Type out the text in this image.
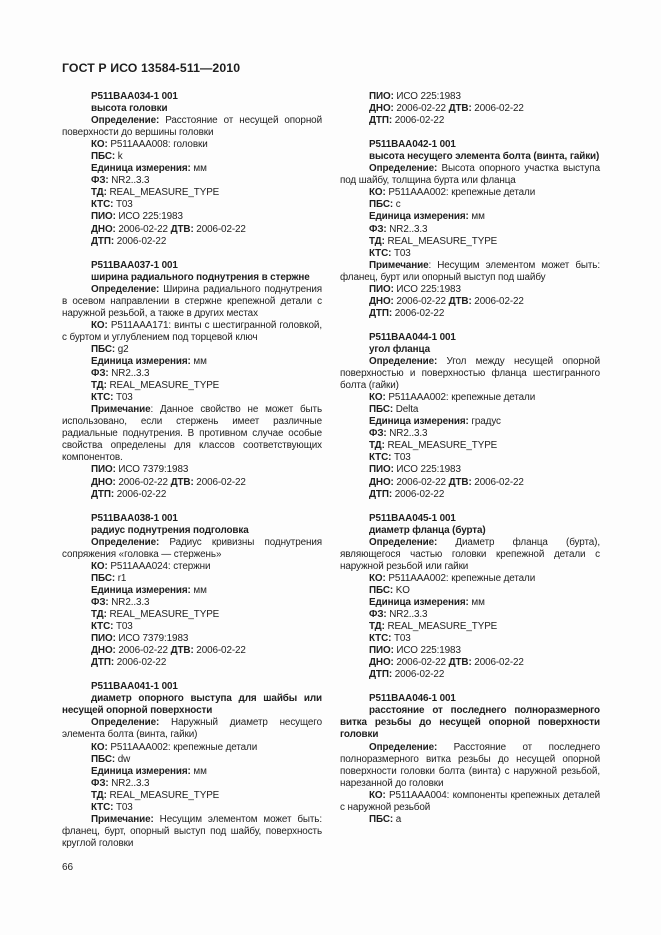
ГОСТ Р ИСО 13584-511—2010

P511BAA034-1 001

высота головки

Определение: Расстояние от несущей опорной поверхности до вершины головки

КО: P511AAA008: головки

ПБС: k

Единица измерения: мм

ФЗ: NR2..3.3

ТД: REAL_MEASURE_TYPE

КТС: T03

ПИО: ИСО 225:1983

ДНО: 2006-02-22 ДТВ: 2006-02-22

ДТП: 2006-02-22

P511BAA037-1 001

ширина радиального поднутрения в стержне

Определение: Ширина радиального поднутрения в осевом направлении в стержне крепежной детали с наружной резьбой, а также в других местах

КО: P511AAA171: винты с шестигранной головкой, с буртом и углублением под торцевой ключ

ПБС: g2

Единица измерения: мм

ФЗ: NR2..3.3

ТД: REAL_MEASURE_TYPE

КТС: T03

Примечание: Данное свойство не может быть использовано, если стержень имеет различные радиальные поднутрения. В противном случае особые свойства определены для классов соответствующих компонентов.

ПИО: ИСО 7379:1983

ДНО: 2006-02-22 ДТВ: 2006-02-22

ДТП: 2006-02-22

P511BAA038-1 001

радиус поднутрения подголовка

Определение: Радиус кривизны поднутрения сопряжения «головка — стержень»

КО: P511AAA024: стержни

ПБС: r1

Единица измерения: мм

ФЗ: NR2..3.3

ТД: REAL_MEASURE_TYPE

КТС: T03

ПИО: ИСО 7379:1983

ДНО: 2006-02-22 ДТВ: 2006-02-22

ДТП: 2006-02-22

P511BAA041-1 001

диаметр опорного выступа для шайбы или несущей опорной поверхности

Определение: Наружный диаметр несущего элемента болта (винта, гайки)

КО: P511AAA002: крепежные детали

ПБС: dw

Единица измерения: мм

ФЗ: NR2..3.3

ТД: REAL_MEASURE_TYPE

КТС: T03

Примечание: Несущим элементом может быть: фланец, бурт, опорный выступ под шайбу, поверхность круглой головки

66

ПИО: ИСО 225:1983

ДНО: 2006-02-22 ДТВ: 2006-02-22

ДТП: 2006-02-22

P511BAA042-1 001

высота несущего элемента болта (винта, гайки)

Определение: Высота опорного участка выступа под шайбу, толщина бурта или фланца

КО: P511AAA002: крепежные детали

ПБС: c

Единица измерения: мм

ФЗ: NR2..3.3

ТД: REAL_MEASURE_TYPE

КТС: T03

Примечание: Несущим элементом может быть: фланец, бурт или опорный выступ под шайбу

ПИО: ИСО 225:1983

ДНО: 2006-02-22 ДТВ: 2006-02-22

ДТП: 2006-02-22

P511BAA044-1 001

угол фланца

Определение: Угол между несущей опорной поверхностью и поверхностью фланца шестигранного болта (гайки)

КО: P511AAA002: крепежные детали

ПБС: Delta

Единица измерения: градус

ФЗ: NR2..3.3

ТД: REAL_MEASURE_TYPE

КТС: T03

ПИО: ИСО 225:1983

ДНО: 2006-02-22 ДТВ: 2006-02-22

ДТП: 2006-02-22

P511BAA045-1 001

диаметр фланца (бурта)

Определение: Диаметр фланца (бурта), являющегося частью головки крепежной детали с наружной резьбой или гайки

КО: P511AAA002: крепежные детали

ПБС: KO

Единица измерения: мм

ФЗ: NR2..3.3

ТД: REAL_MEASURE_TYPE

КТС: T03

ПИО: ИСО 225:1983

ДНО: 2006-02-22 ДТВ: 2006-02-22

ДТП: 2006-02-22

P511BAA046-1 001

расстояние от последнего полноразмерного витка резьбы до несущей опорной поверхности головки

Определение: Расстояние от последнего полноразмерного витка резьбы до несущей опорной поверхности головки болта (винта) с наружной резьбой, нарезанной до головки

КО: P511AAA004: компоненты крепежных деталей с наружной резьбой

ПБС: a
